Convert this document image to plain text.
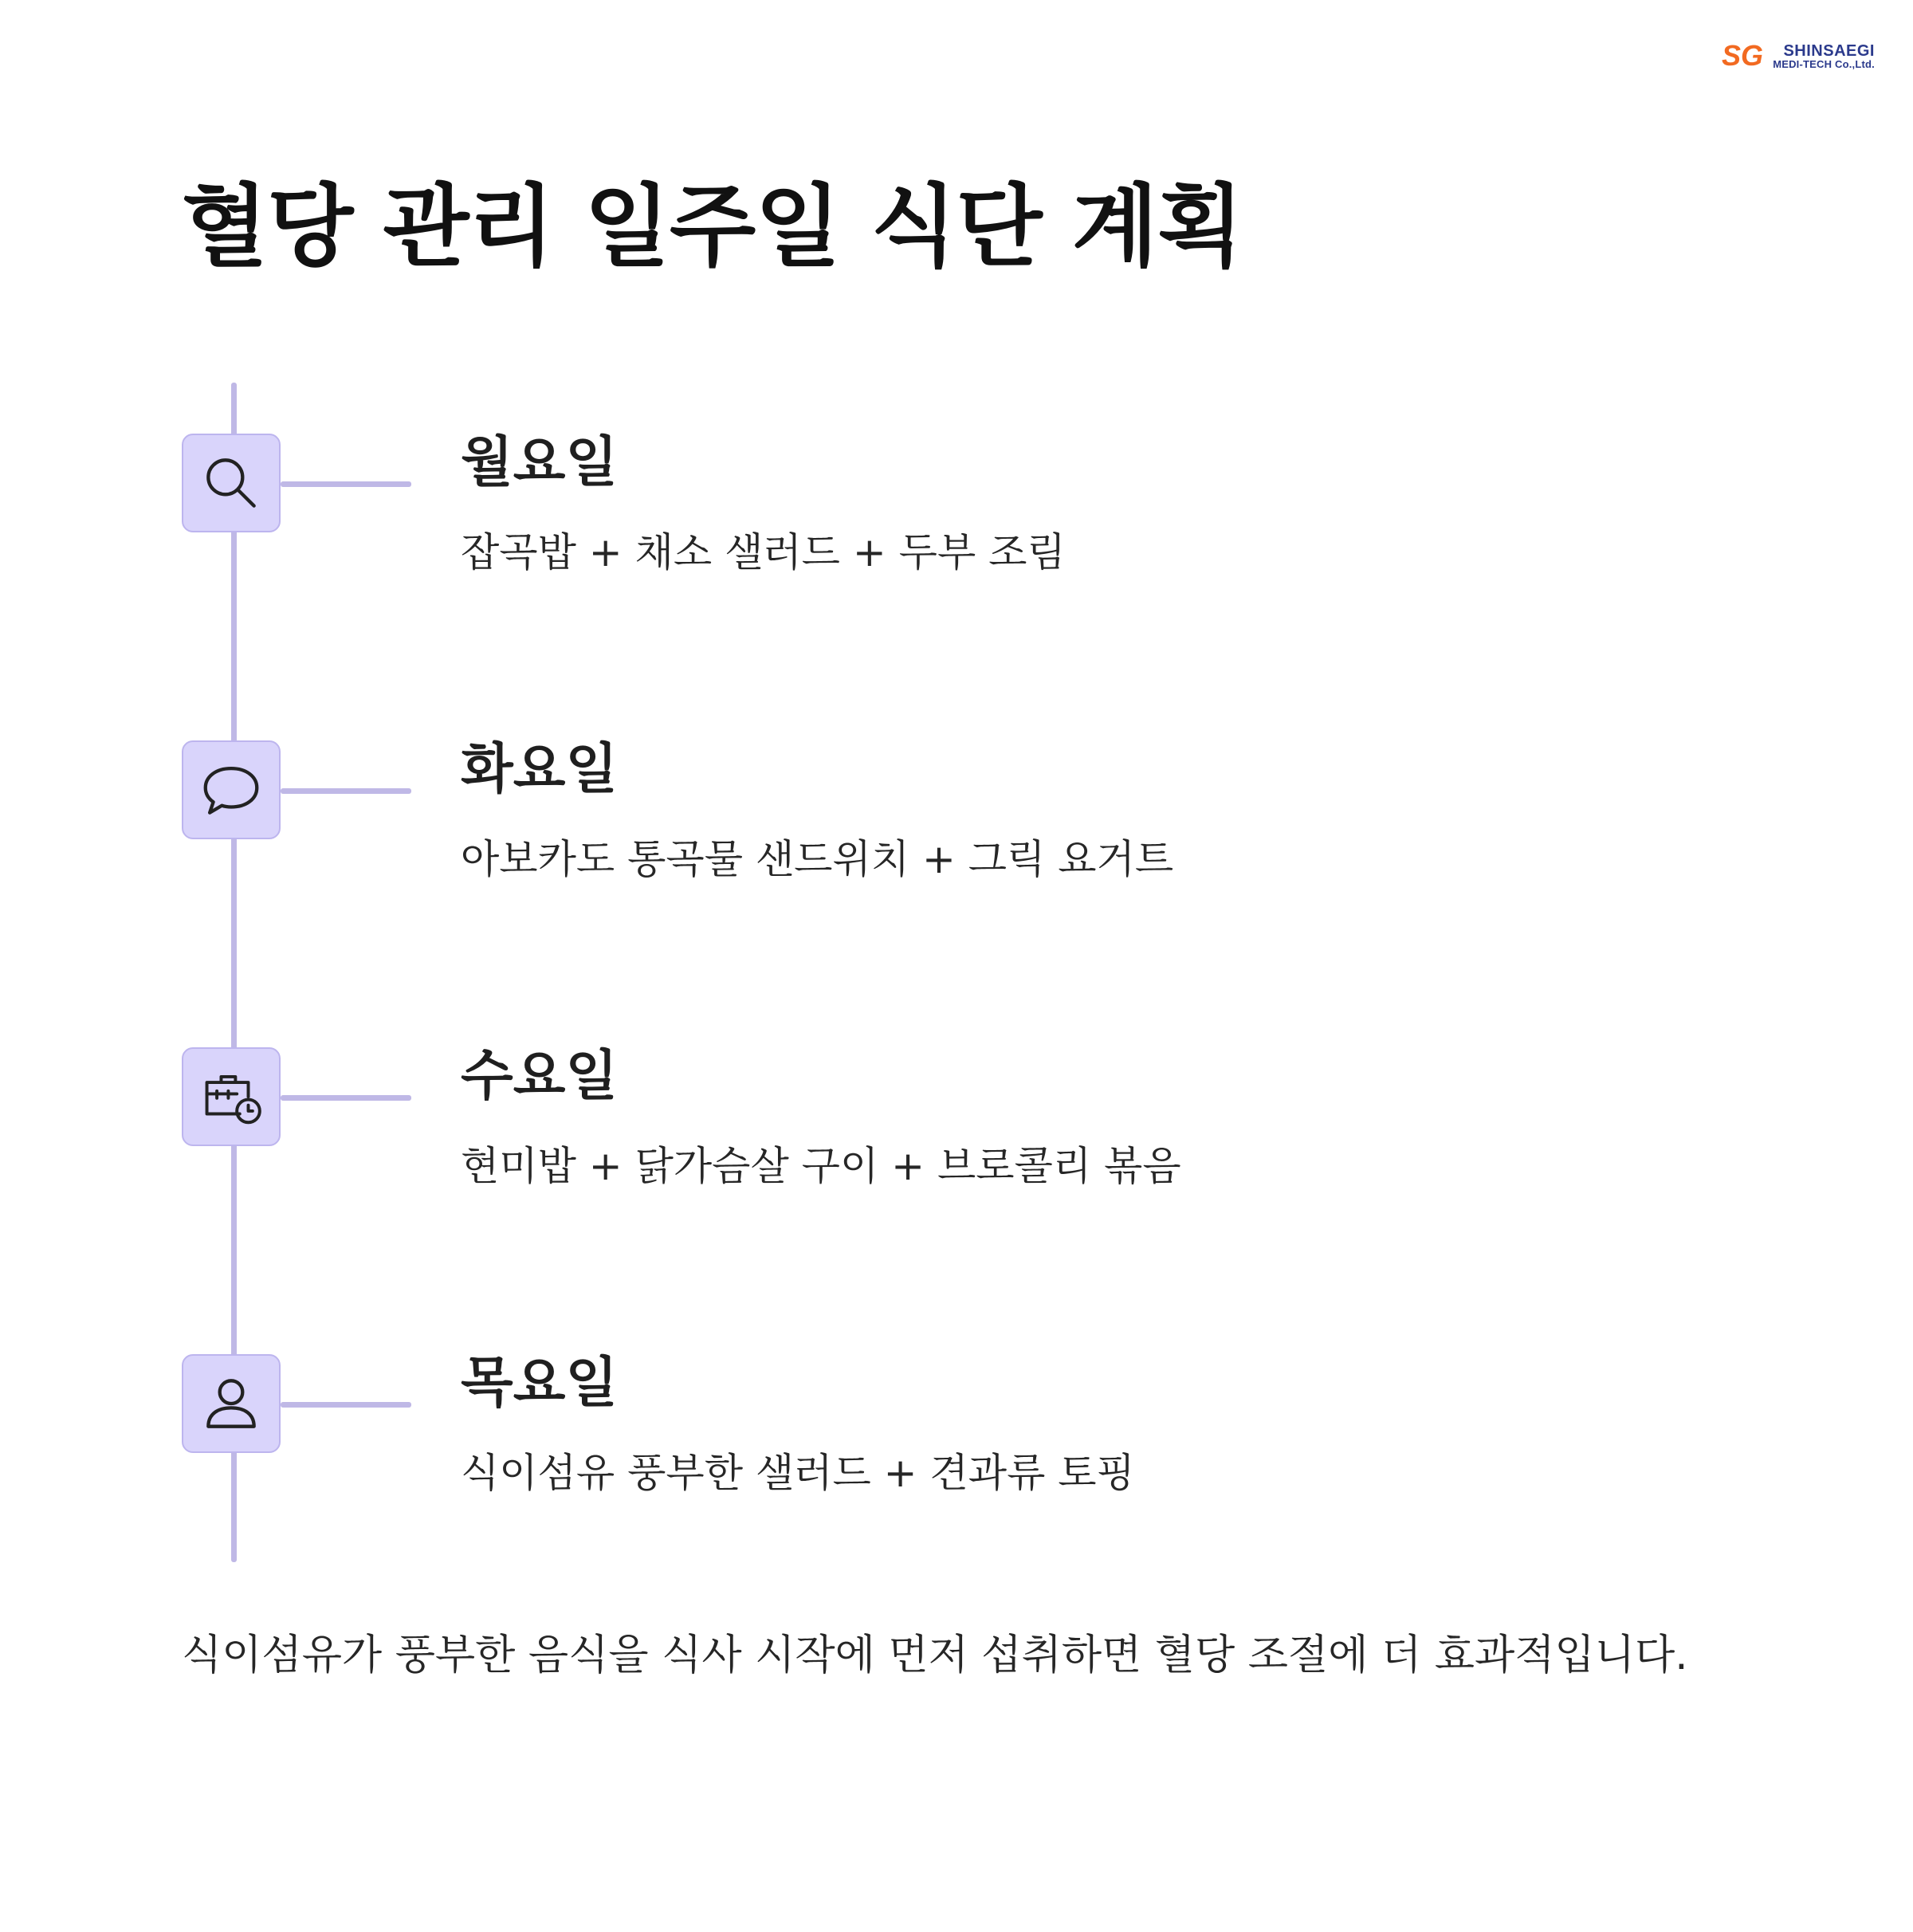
SG	SHINSAEGI
MEDI-TECH Co.,Ltd.
혈당 관리 일주일 식단 계획
월요일

잡곡밥 + 채소 샐러드 + 두부 조림

화요일

아보카도 통곡물 샌드위치 + 그릭 요거트

수요일

현미밥 + 닭가슴살 구이 + 브로콜리 볶음

목요일

식이섬유 풍부한 샐러드 + 견과류 토핑

식이섬유가 풍부한 음식을 식사 시작에 먼저 섭취하면 혈당 조절에 더 효과적입니다.
